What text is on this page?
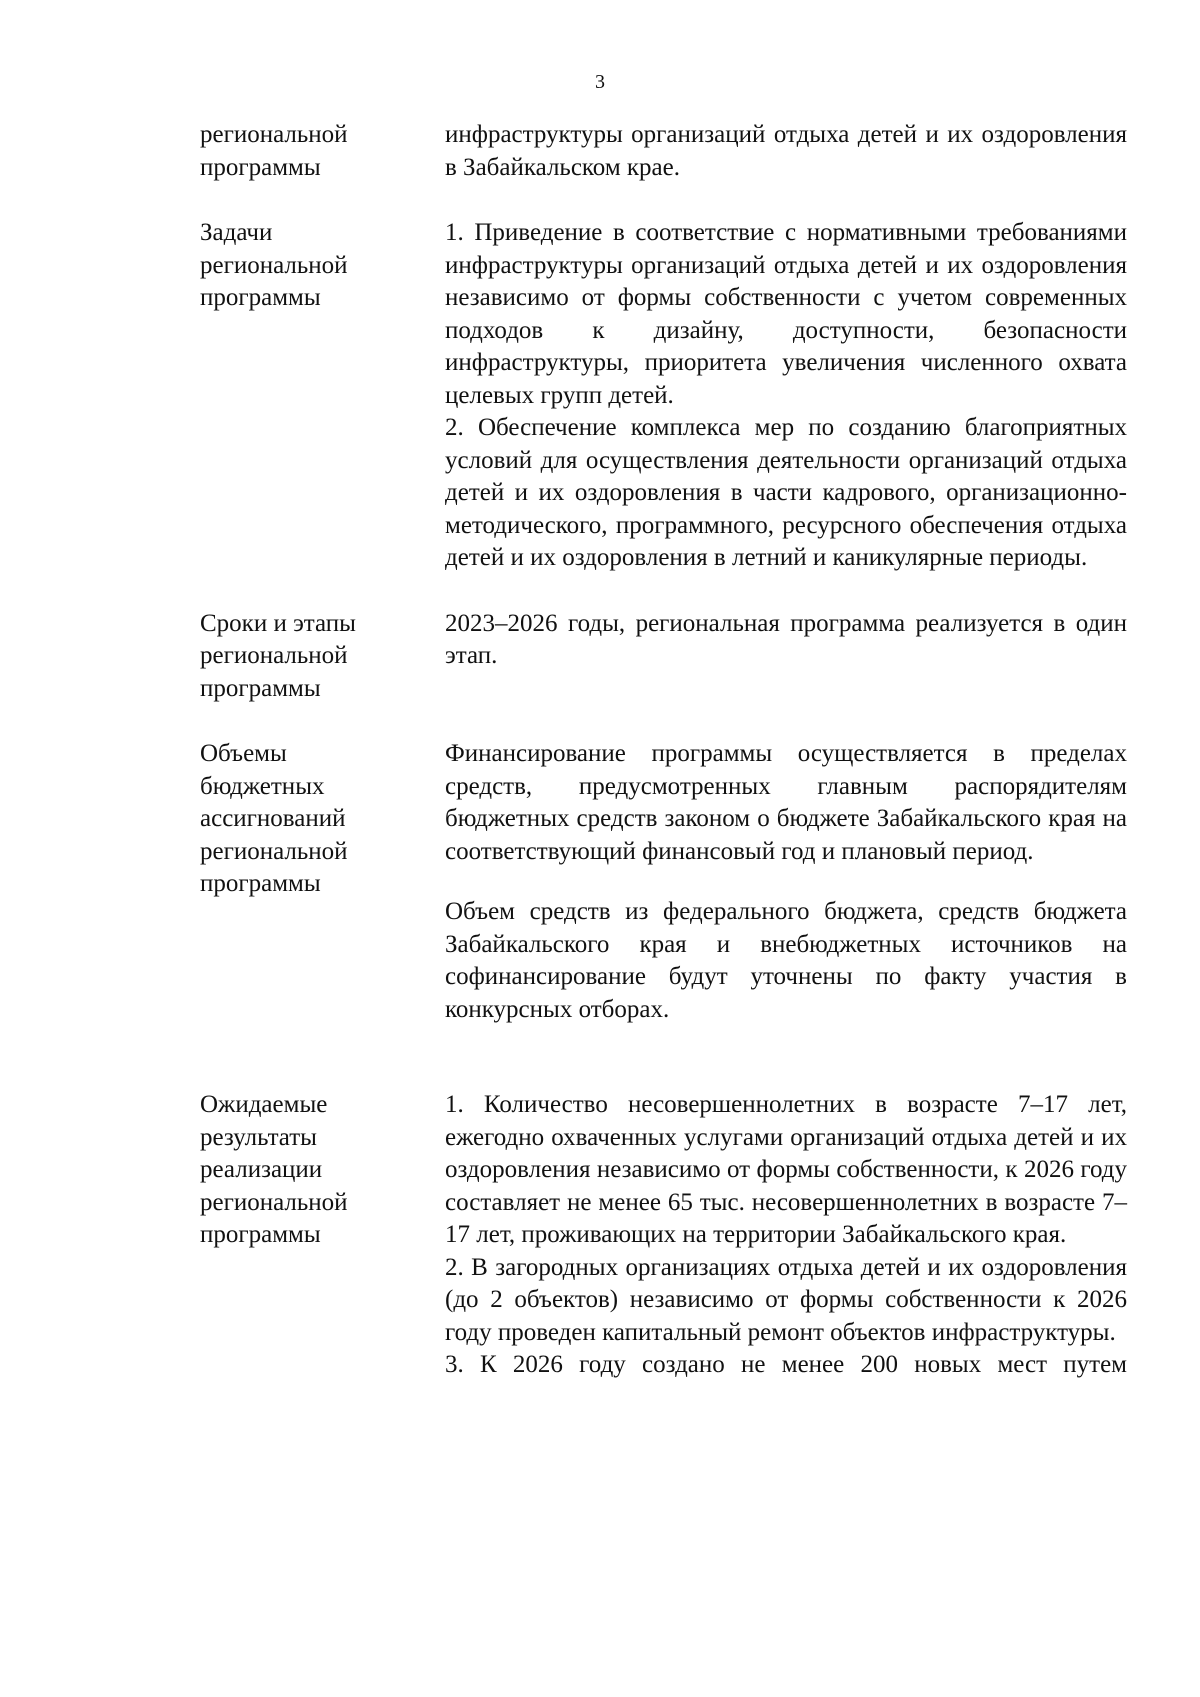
3
региональной программы

инфраструктуры организаций отдыха детей и их оздоровления в Забайкальском крае.

Задачи региональной программы

1. Приведение в соответствие с нормативными требованиями инфраструктуры организаций отдыха детей и их оздоровления независимо от формы собственности с учетом современных подходов к дизайну, доступности, безопасности инфраструктуры, приоритета увеличения численного охвата целевых групп детей.

2. Обеспечение комплекса мер по созданию благоприятных условий для осуществления деятельности организаций отдыха детей и их оздоровления в части кадрового, организационно-методического, программного, ресурсного обеспечения отдыха детей и их оздоровления в летний и каникулярные периоды.

Сроки и этапы региональной программы

2023–2026 годы, региональная программа реализуется в один этап.

Объемы бюджетных ассигнований региональной программы

Финансирование программы осуществляется в пределах средств, предусмотренных главным распорядителям бюджетных средств законом о бюджете Забайкальского края на соответствующий финансовый год и плановый период.

Объем средств из федерального бюджета, средств бюджета Забайкальского края и внебюджетных источников на софинансирование будут уточнены по факту участия в конкурсных отборах.

Ожидаемые результаты реализации региональной программы

1. Количество несовершеннолетних в возрасте 7–17 лет, ежегодно охваченных услугами организаций отдыха детей и их оздоровления независимо от формы собственности, к 2026 году составляет не менее 65 тыс. несовершеннолетних в возрасте 7–17 лет, проживающих на территории Забайкальского края.

2. В загородных организациях отдыха детей и их оздоровления (до 2 объектов) независимо от формы собственности к 2026 году проведен капитальный ремонт объектов инфраструктуры.

3. К 2026 году создано не менее 200 новых мест путем
